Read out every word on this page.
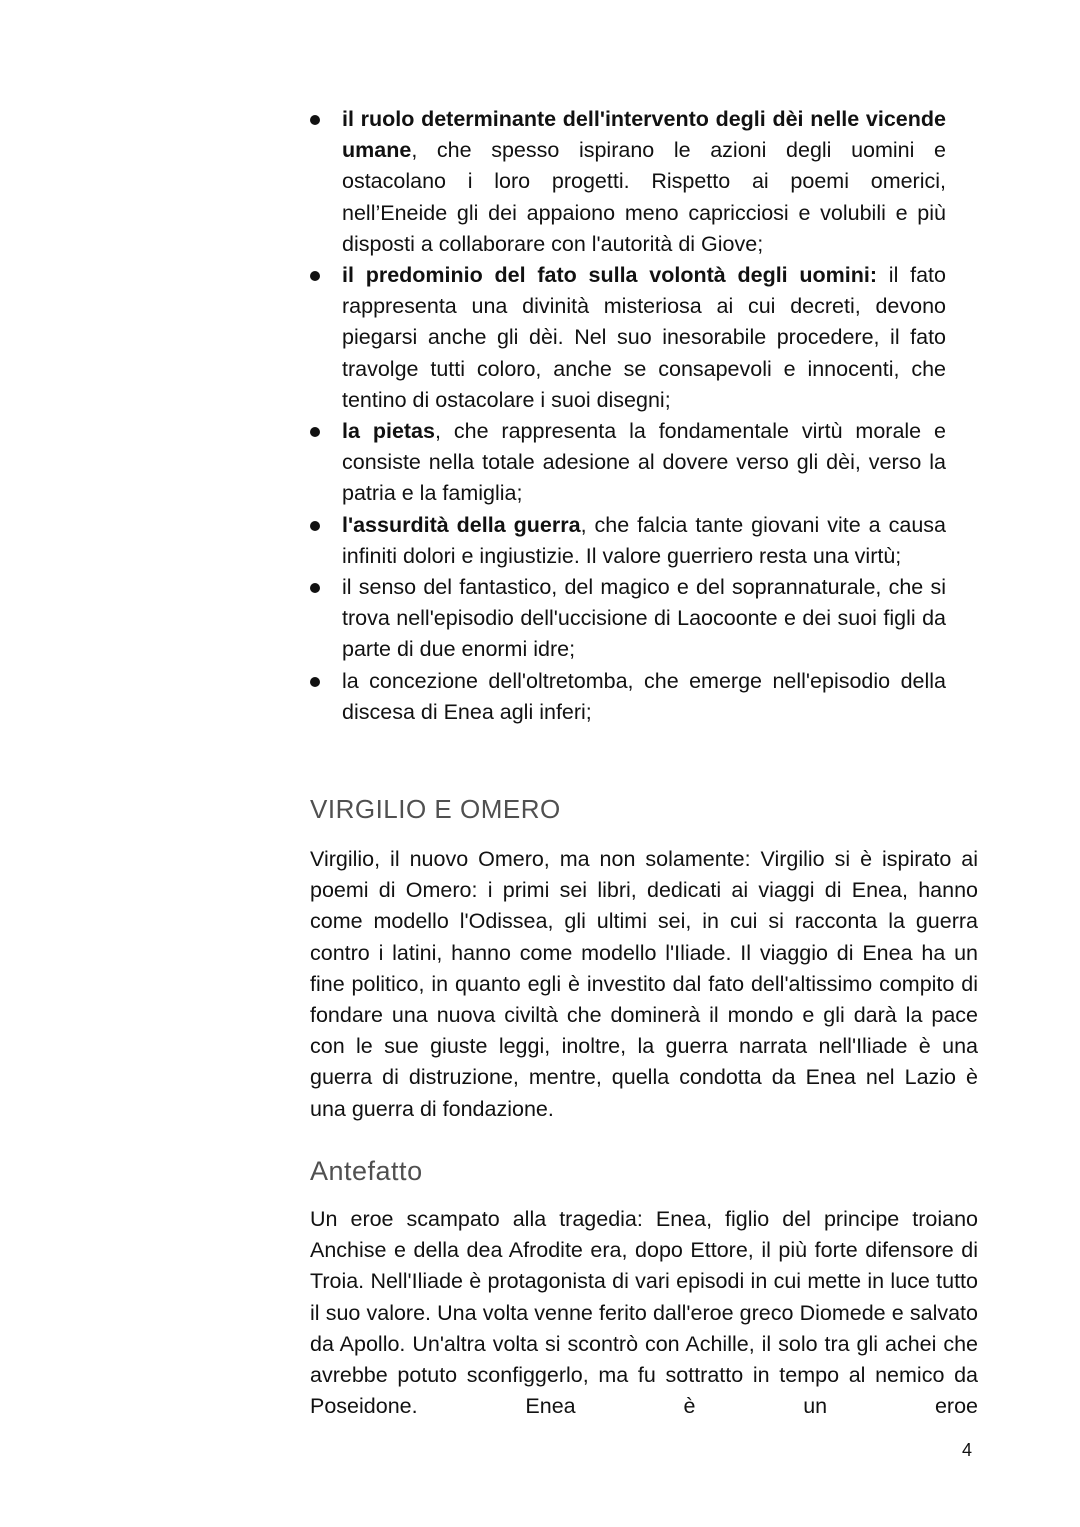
il ruolo determinante dell'intervento degli dèi nelle vicende umane, che spesso ispirano le azioni degli uomini e ostacolano i loro progetti. Rispetto ai poemi omerici, nell’Eneide gli dei appaiono meno capricciosi e volubili e più disposti a collaborare con l'autorità di Giove;
il predominio del fato sulla volontà degli uomini: il fato rappresenta una divinità misteriosa ai cui decreti, devono piegarsi anche gli dèi. Nel suo inesorabile procedere, il fato travolge tutti coloro, anche se consapevoli e innocenti, che tentino di ostacolare i suoi disegni;
la pietas, che rappresenta la fondamentale virtù morale e consiste nella totale adesione al dovere verso gli dèi, verso la patria e la famiglia;
l'assurdità della guerra, che falcia tante giovani vite a causa infiniti dolori e ingiustizie. Il valore guerriero resta una virtù;
il senso del fantastico, del magico e del soprannaturale, che si trova nell'episodio dell'uccisione di Laocoonte e dei suoi figli da parte di due enormi idre;
la concezione dell'oltretomba, che emerge nell'episodio della discesa di Enea agli inferi;
VIRGILIO E OMERO

Virgilio, il nuovo Omero, ma non solamente: Virgilio si è ispirato ai poemi di Omero: i primi sei libri, dedicati ai viaggi di Enea, hanno come modello l'Odissea, gli ultimi sei, in cui si racconta la guerra contro i latini, hanno come modello l'Iliade. Il viaggio di Enea ha un fine politico, in quanto egli è investito dal fato dell'altissimo compito di fondare una nuova civiltà che dominerà il mondo e gli darà la pace con le sue giuste leggi, inoltre, la guerra narrata nell'Iliade è una guerra di distruzione, mentre, quella condotta da Enea nel Lazio è una guerra di fondazione.

Antefatto

Un eroe scampato alla tragedia: Enea, figlio del principe troiano Anchise e della dea Afrodite era, dopo Ettore, il più forte difensore di Troia. Nell'Iliade è protagonista di vari episodi in cui mette in luce tutto il suo valore. Una volta venne ferito dall'eroe greco Diomede e salvato da Apollo. Un'altra volta si scontrò con Achille, il solo tra gli achei che avrebbe potuto sconfiggerlo, ma fu sottratto in tempo al nemico da Poseidone. Enea è un eroe

4
